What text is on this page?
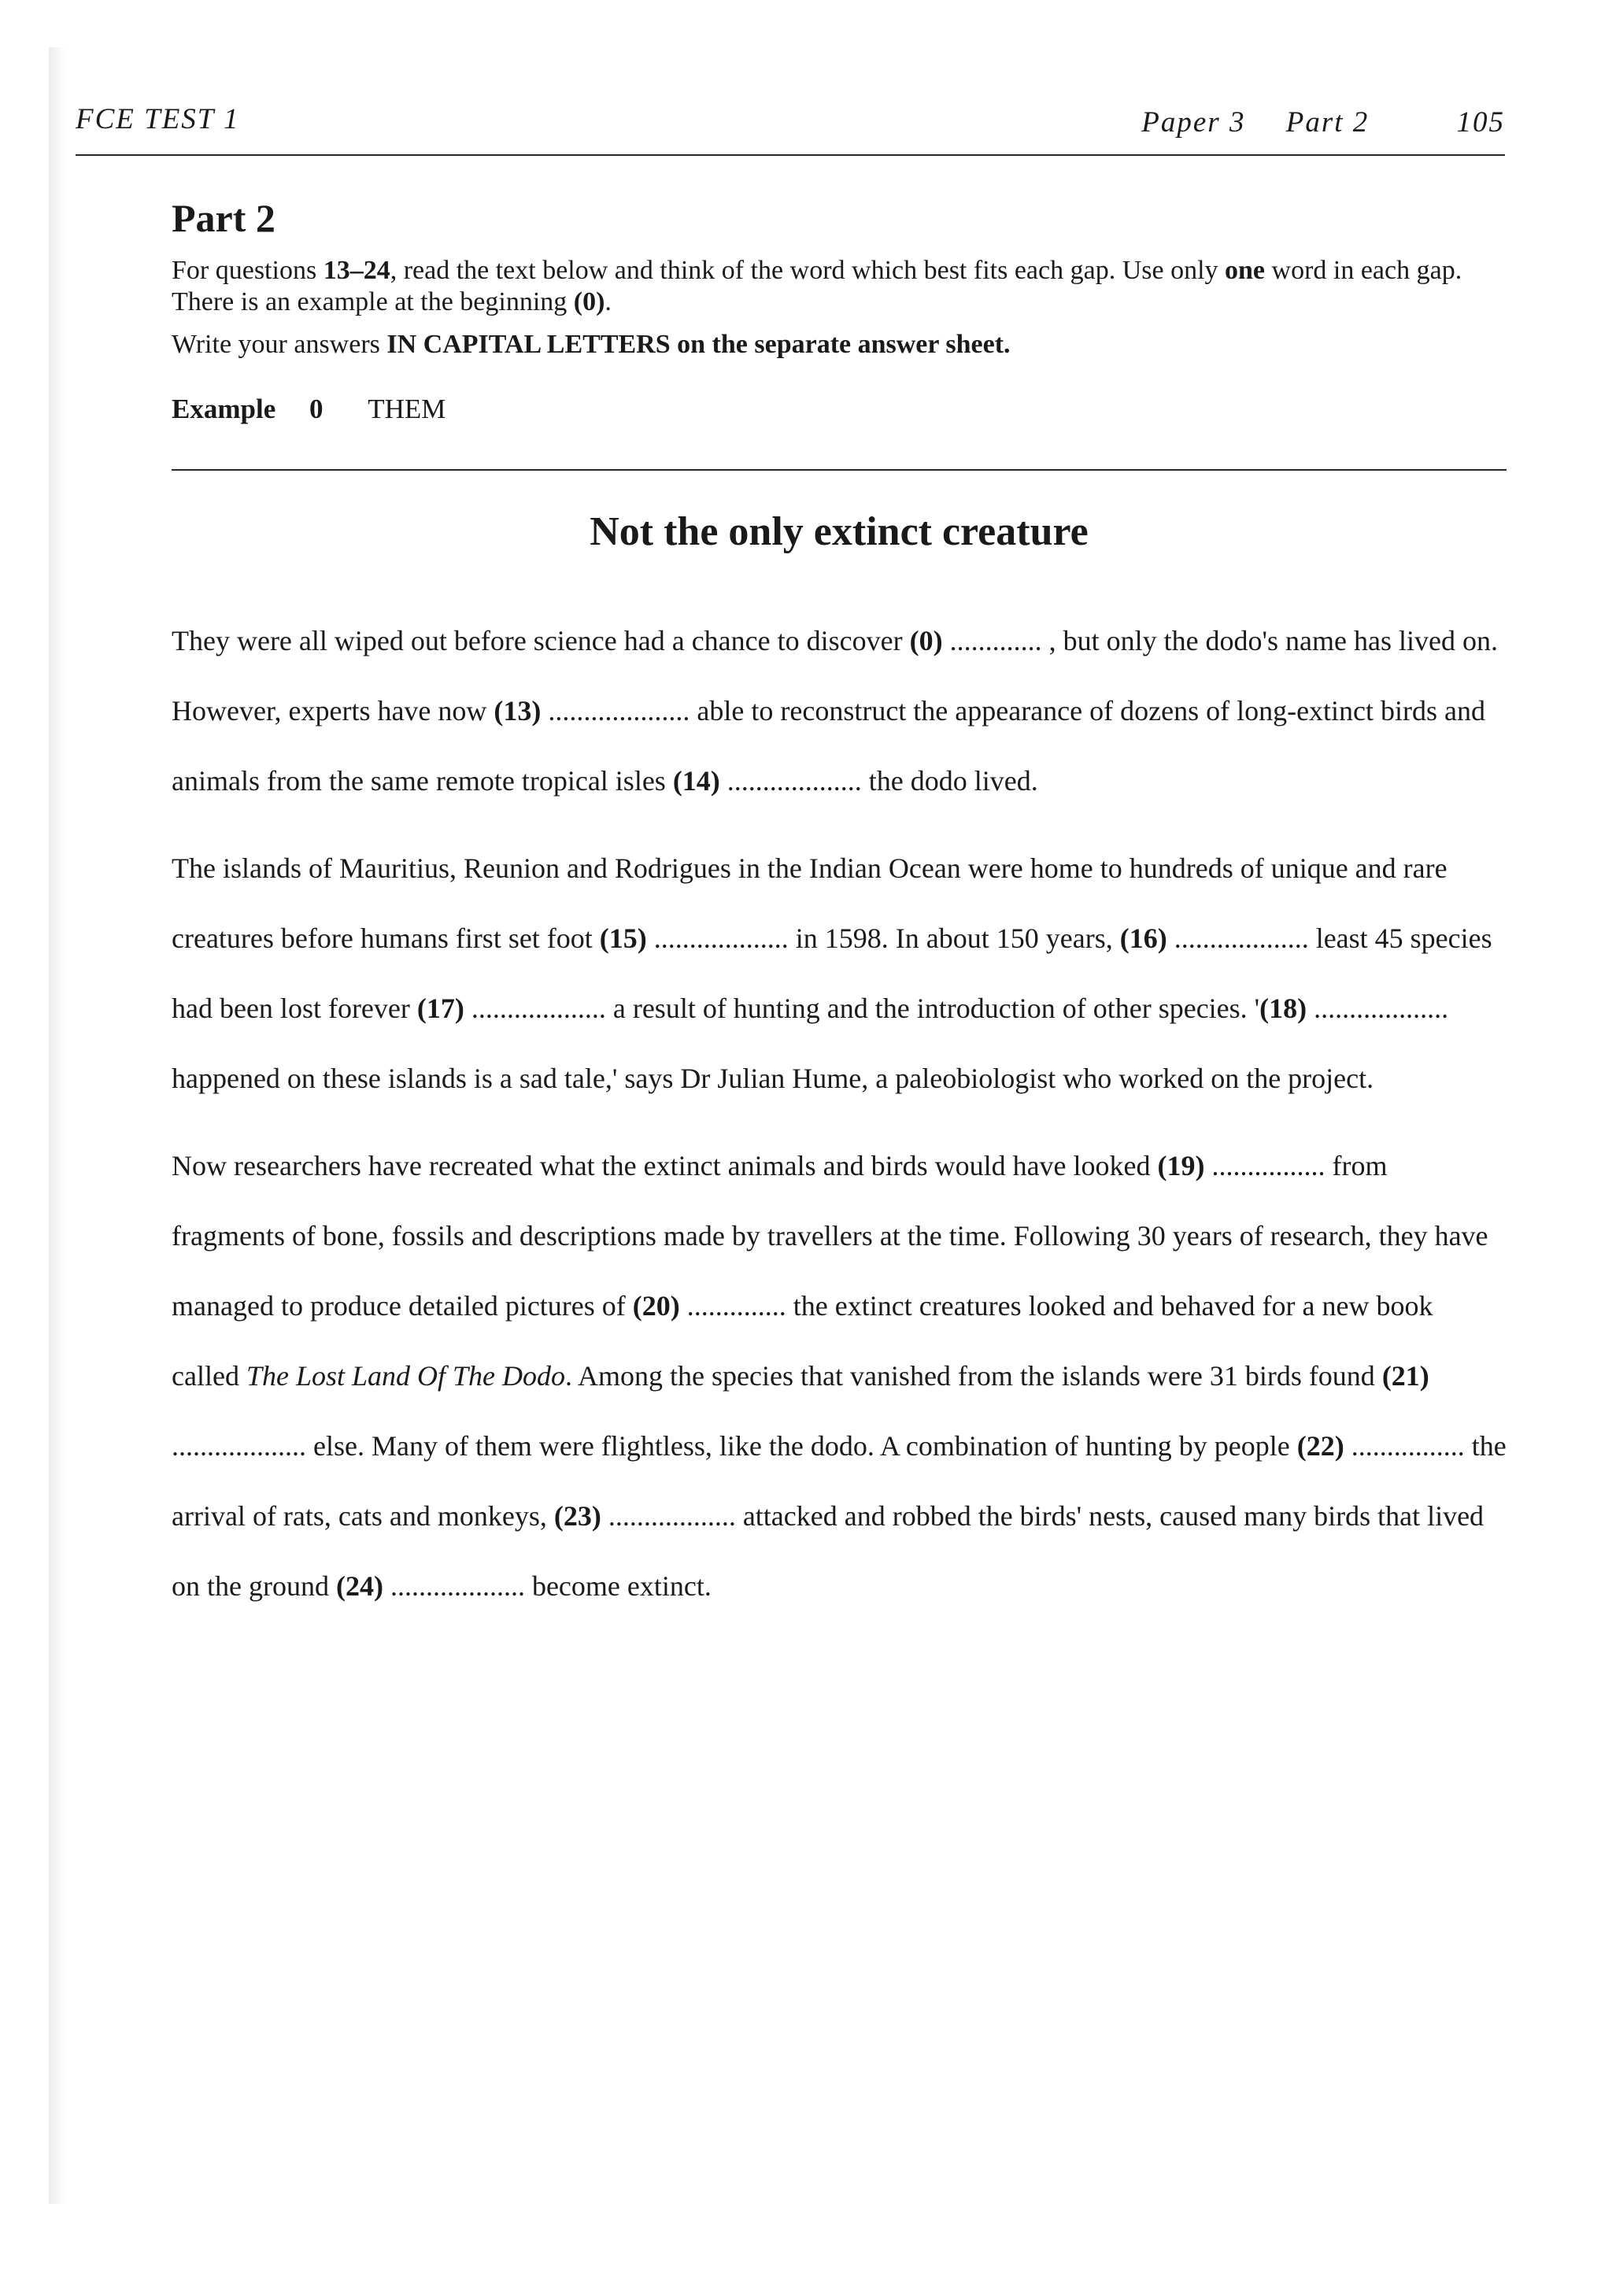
FCE TEST 1	Paper 3 Part 2	105
Part 2

For questions 13–24, read the text below and think of the word which best fits each gap. Use only one word in each gap. There is an example at the beginning (0).

Write your answers IN CAPITAL LETTERS on the separate answer sheet.

Example 0 THEM
Not the only extinct creature

They were all wiped out before science had a chance to discover (0) ............. , but only the dodo's name has lived on. However, experts have now (13) .................... able to reconstruct the appearance of dozens of long-extinct birds and animals from the same remote tropical isles (14) ................... the dodo lived.

The islands of Mauritius, Reunion and Rodrigues in the Indian Ocean were home to hundreds of unique and rare creatures before humans first set foot (15) ................... in 1598. In about 150 years, (16) ................... least 45 species had been lost forever (17) ................... a result of hunting and the introduction of other species. '(18) ................... happened on these islands is a sad tale,' says Dr Julian Hume, a paleobiologist who worked on the project.

Now researchers have recreated what the extinct animals and birds would have looked (19) ................ from fragments of bone, fossils and descriptions made by travellers at the time. Following 30 years of research, they have managed to produce detailed pictures of (20) .............. the extinct creatures looked and behaved for a new book called The Lost Land Of The Dodo. Among the species that vanished from the islands were 31 birds found (21) ................... else. Many of them were flightless, like the dodo. A combination of hunting by people (22) ................ the arrival of rats, cats and monkeys, (23) .................. attacked and robbed the birds' nests, caused many birds that lived on the ground (24) ................... become extinct.
